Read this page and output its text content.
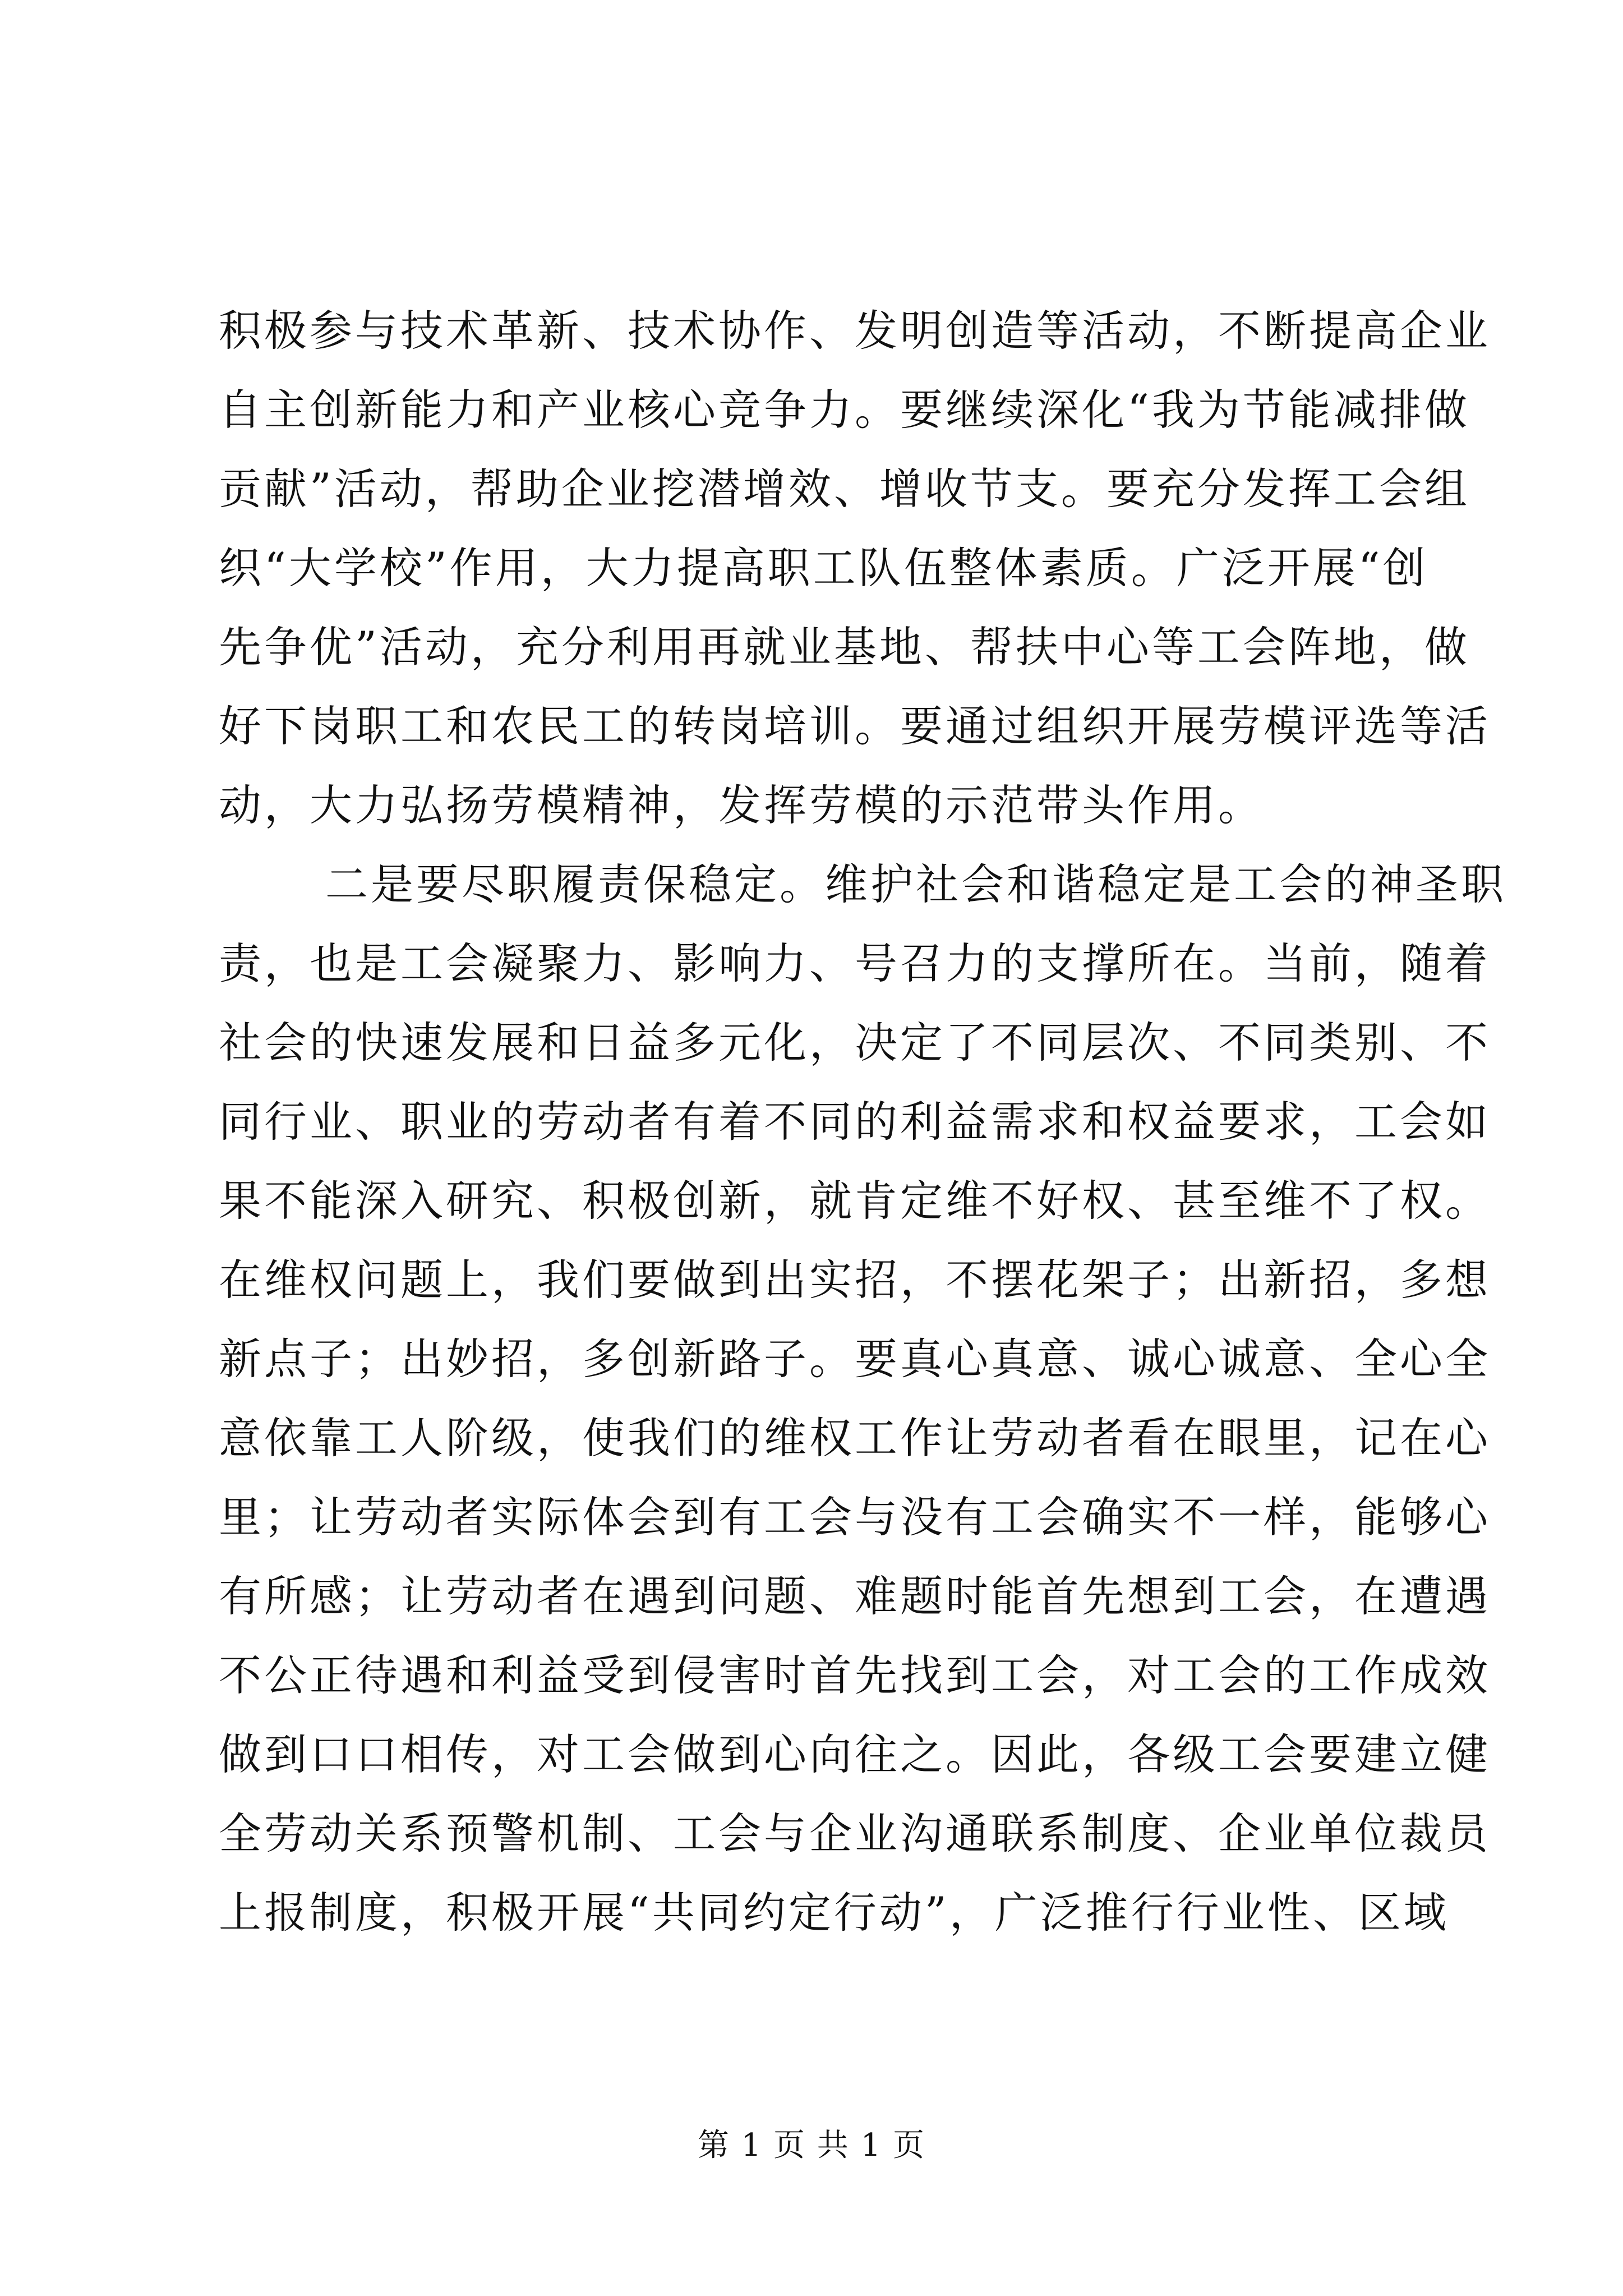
积极参与技术革新、技术协作、发明创造等活动，不断提高企业
自主创新能力和产业核心竞争力。要继续深化“我为节能减排做
贡献”活动，帮助企业挖潜增效、增收节支。要充分发挥工会组
织“大学校”作用，大力提高职工队伍整体素质。广泛开展“创
先争优”活动，充分利用再就业基地、帮扶中心等工会阵地，做
好下岗职工和农民工的转岗培训。要通过组织开展劳模评选等活
动，大力弘扬劳模精神，发挥劳模的示范带头作用。
二是要尽职履责保稳定。维护社会和谐稳定是工会的神圣职
责，也是工会凝聚力、影响力、号召力的支撑所在。当前，随着
社会的快速发展和日益多元化，决定了不同层次、不同类别、不
同行业、职业的劳动者有着不同的利益需求和权益要求，工会如
果不能深入研究、积极创新，就肯定维不好权、甚至维不了权。
在维权问题上，我们要做到出实招，不摆花架子；出新招，多想
新点子；出妙招，多创新路子。要真心真意、诚心诚意、全心全
意依靠工人阶级，使我们的维权工作让劳动者看在眼里，记在心
里；让劳动者实际体会到有工会与没有工会确实不一样，能够心
有所感；让劳动者在遇到问题、难题时能首先想到工会，在遭遇
不公正待遇和利益受到侵害时首先找到工会，对工会的工作成效
做到口口相传，对工会做到心向往之。因此，各级工会要建立健
全劳动关系预警机制、工会与企业沟通联系制度、企业单位裁员
上报制度，积极开展“共同约定行动”，广泛推行行业性、区域
第 1 页 共 1 页
